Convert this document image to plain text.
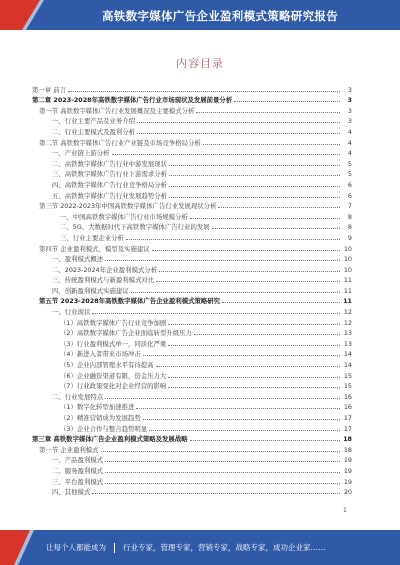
高铁数字媒体广告企业盈利模式策略研究报告
内容目录
第一章 前言	3
第二章 2023-2028年高铁数字媒体广告行业市场现状及发展前景分析	3
第一节 高铁数字媒体广告行业发展概况及主要模式分析	3
一、行业主要产品及业务介绍	3
二、行业主要模式及盈利分析	4
第二节 高铁数字媒体广告行业产业链及市场竞争格局分析	4
一、产业链上游分析	4
二、高铁数字媒体广告行业中游发展现状	5
三、高铁数字媒体广告行业下游需求分析	5
四、高铁数字媒体广告行业竞争格局分析	6
五、高铁数字媒体广告行业发展趋势分析	6
第三节 2022-2023年中国高铁数字媒体广告行业发展现状分析	7
一、中国高铁数字媒体广告行业市场规模分析	8
二、5G、大数据时代下高铁数字媒体广告行业的发展	8
三、行业主要企业分析	9
第四节 企业盈利模式、模型及实施建议	10
一、盈利模式概述	10
二、2023-2024年企业盈利模式分析	10
三、传统盈利模式与新盈利模式对比	11
四、创新盈利模式实施建议	11
第五节 2023-2028年高铁数字媒体广告企业盈利模式策略研究	11
一、行业现状	12
（1）高铁数字媒体广告行业竞争加剧	12
（2）高铁数字媒体广告企业面临转型升级压力	13
（3）行业盈利模式单一，同质化严重	13
（4）新进入者带来市场冲击	14
（5）企业内部管理水平有待提高	14
（6）企业融资渠道有限，资金压力大	15
（7）行业政策变化对企业经营的影响	15
二、行业发展特点	16
（1）数字化转型加速推进	16
（2）精准营销成为发展趋势	17
（3）企业合作与整合趋势明显	17
第三章 高铁数字媒体广告企业盈利模式策略及发展战略	18
第一节 企业盈利模式	18
一、产品盈利模式	19
二、服务盈利模式	19
三、平台盈利模式	19
四、其他模式	20
1
让每个人都能成为 行业专家，管理专家，营销专家，战略专家，成功企业家……
